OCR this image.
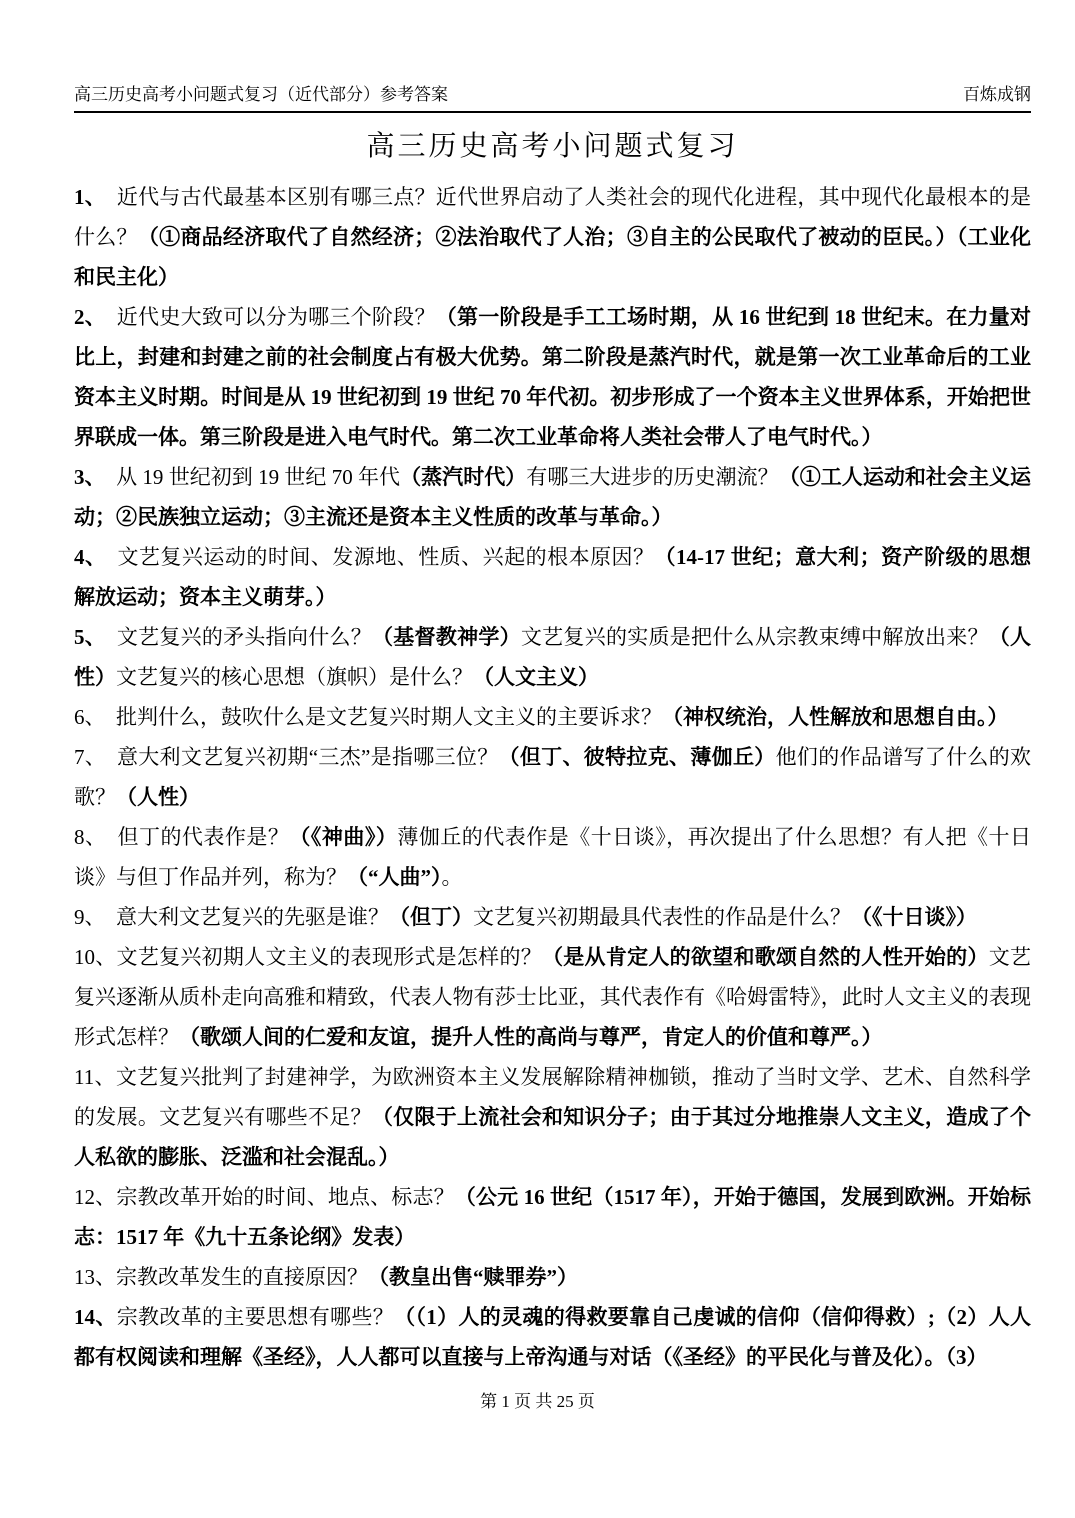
高三历史高考小问题式复习（近代部分）参考答案	百炼成钢
高三历史高考小问题式复习

1、　近代与古代最基本区别有哪三点？近代世界启动了人类社会的现代化进程，其中现代化最根本的是什么？（①商品经济取代了自然经济；②法治取代了人治；③自主的公民取代了被动的臣民。）（工业化和民主化）

2、　近代史大致可以分为哪三个阶段？（第一阶段是手工工场时期，从 16 世纪到 18 世纪末。在力量对比上，封建和封建之前的社会制度占有极大优势。第二阶段是蒸汽时代，就是第一次工业革命后的工业资本主义时期。时间是从 19 世纪初到 19 世纪 70 年代初。初步形成了一个资本主义世界体系，开始把世界联成一体。第三阶段是进入电气时代。第二次工业革命将人类社会带人了电气时代。）

3、　从 19 世纪初到 19 世纪 70 年代（蒸汽时代）有哪三大进步的历史潮流？（①工人运动和社会主义运动；②民族独立运动；③主流还是资本主义性质的改革与革命。）

4、　文艺复兴运动的时间、发源地、性质、兴起的根本原因？（14-17 世纪；意大利；资产阶级的思想解放运动；资本主义萌芽。）

5、　文艺复兴的矛头指向什么？（基督教神学）文艺复兴的实质是把什么从宗教束缚中解放出来？（人性）文艺复兴的核心思想（旗帜）是什么？（人文主义）

6、　批判什么，鼓吹什么是文艺复兴时期人文主义的主要诉求？（神权统治，人性解放和思想自由。）

7、　意大利文艺复兴初期“三杰”是指哪三位？（但丁、彼特拉克、薄伽丘）他们的作品谱写了什么的欢歌？（人性）

8、　但丁的代表作是？（《神曲》）薄伽丘的代表作是《十日谈》，再次提出了什么思想？有人把《十日谈》与但丁作品并列，称为？（“人曲”）。

9、　意大利文艺复兴的先驱是谁？（但丁）文艺复兴初期最具代表性的作品是什么？（《十日谈》）

10、文艺复兴初期人文主义的表现形式是怎样的？（是从肯定人的欲望和歌颂自然的人性开始的）文艺复兴逐渐从质朴走向高雅和精致，代表人物有莎士比亚，其代表作有《哈姆雷特》，此时人文主义的表现形式怎样？（歌颂人间的仁爱和友谊，提升人性的高尚与尊严，肯定人的价值和尊严。）

11、文艺复兴批判了封建神学，为欧洲资本主义发展解除精神枷锁，推动了当时文学、艺术、自然科学的发展。文艺复兴有哪些不足？（仅限于上流社会和知识分子；由于其过分地推崇人文主义，造成了个人私欲的膨胀、泛滥和社会混乱。）

12、宗教改革开始的时间、地点、标志？（公元 16 世纪（1517 年），开始于德国，发展到欧洲。开始标志：1517 年《九十五条论纲》发表）

13、宗教改革发生的直接原因？（教皇出售“赎罪券”）

14、宗教改革的主要思想有哪些？（（1）人的灵魂的得救要靠自己虔诚的信仰（信仰得救）;（2）人人都有权阅读和理解《圣经》，人人都可以直接与上帝沟通与对话（《圣经》的平民化与普及化）。（3）

第 1 页 共 25 页
